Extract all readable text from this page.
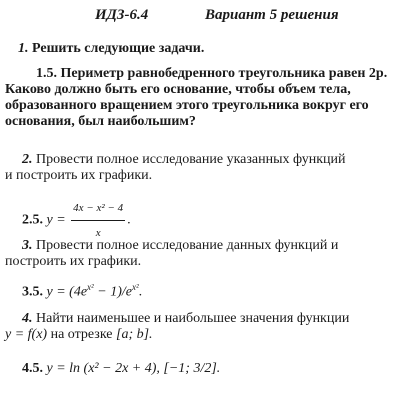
ИДЗ-6.4	Вариант 5 решения
1. Решить следующие задачи.
1.5. Периметр равнобедренного треугольника равен 2p.
Каково должно быть его основание, чтобы объем тела,
образованного вращением этого треугольника вокруг его
основания, был наибольшим?
2. Провести полное исследование указанных функций
и построить их графики.
2.5. $y = \frac{\text{4x − x² − 4}}{x}$ .
3. Провести полное исследование данных функций и
построить их графики.
3.5. $y = (4e^{x^2} - 1)/e^{x^2}$.
4. Найти наименьшее и наибольшее значения функции
y = f(x) на отрезке [a; b].
4.5. y = ln (x² − 2x + 4), [−1; 3/2].
